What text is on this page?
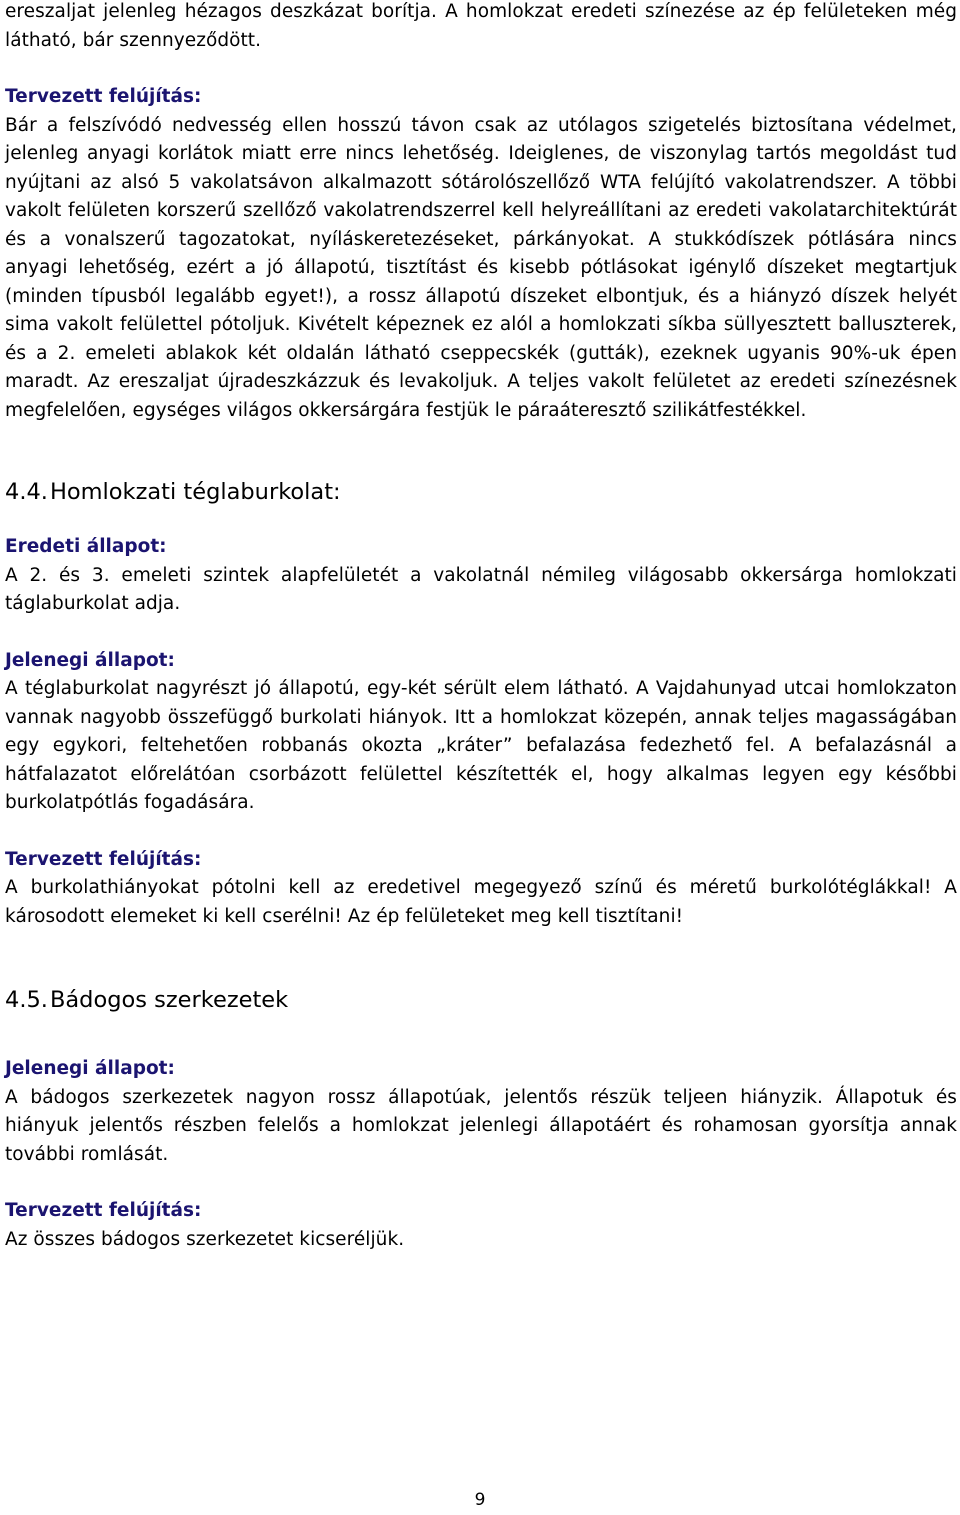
ereszaljat jelenleg hézagos deszkázat borítja. A homlokzat eredeti színezése az ép felületeken még látható, bár szennyeződött.

Tervezett felújítás:

Bár a felszívódó nedvesség ellen hosszú távon csak az utólagos szigetelés biztosítana védelmet, jelenleg anyagi korlátok miatt erre nincs lehetőség. Ideiglenes, de viszonylag tartós megoldást tud nyújtani az alsó 5 vakolatsávon alkalmazott sótárolószellőző WTA felújító vakolatrendszer. A többi vakolt felületen korszerű szellőző vakolatrendszerrel kell helyreállítani az eredeti vakolatarchitektúrát és a vonalszerű tagozatokat, nyíláskeretezéseket, párkányokat. A stukkódíszek pótlására nincs anyagi lehetőség, ezért a jó állapotú, tisztítást és kisebb pótlásokat igénylő díszeket megtartjuk (minden típusból legalább egyet!), a rossz állapotú díszeket elbontjuk, és a hiányzó díszek helyét sima vakolt felülettel pótoljuk. Kivételt képeznek ez alól a homlokzati síkba süllyesztett balluszterek, és a 2. emeleti ablakok két oldalán látható cseppecskék (gutták), ezeknek ugyanis 90%-uk épen maradt. Az ereszaljat újradeszkázzuk és levakoljuk. A teljes vakolt felületet az eredeti színezésnek megfelelően, egységes világos okkersárgára festjük le páraáteresztő szilikátfestékkel.

4.4.Homlokzati téglaburkolat:

Eredeti állapot:

A 2. és 3. emeleti szintek alapfelületét a vakolatnál némileg világosabb okkersárga homlokzati táglaburkolat adja.

Jelenegi állapot:

A téglaburkolat nagyrészt jó állapotú, egy-két sérült elem látható. A Vajdahunyad utcai homlokzaton vannak nagyobb összefüggő burkolati hiányok. Itt a homlokzat közepén, annak teljes magasságában egy egykori, feltehetően robbanás okozta „kráter” befalazása fedezhető fel. A befalazásnál a hátfalazatot előrelátóan csorbázott felülettel készítették el, hogy alkalmas legyen egy későbbi burkolatpótlás fogadására.

Tervezett felújítás:

A burkolathiányokat pótolni kell az eredetivel megegyező színű és méretű burkolótéglákkal! A károsodott elemeket ki kell cserélni! Az ép felületeket meg kell tisztítani!

4.5.Bádogos szerkezetek

Jelenegi állapot:

A bádogos szerkezetek nagyon rossz állapotúak, jelentős részük teljeen hiányzik. Állapotuk és hiányuk jelentős részben felelős a homlokzat jelenlegi állapotáért és rohamosan gyorsítja annak további romlását.

Tervezett felújítás:

Az összes bádogos szerkezetet kicseréljük.

9
